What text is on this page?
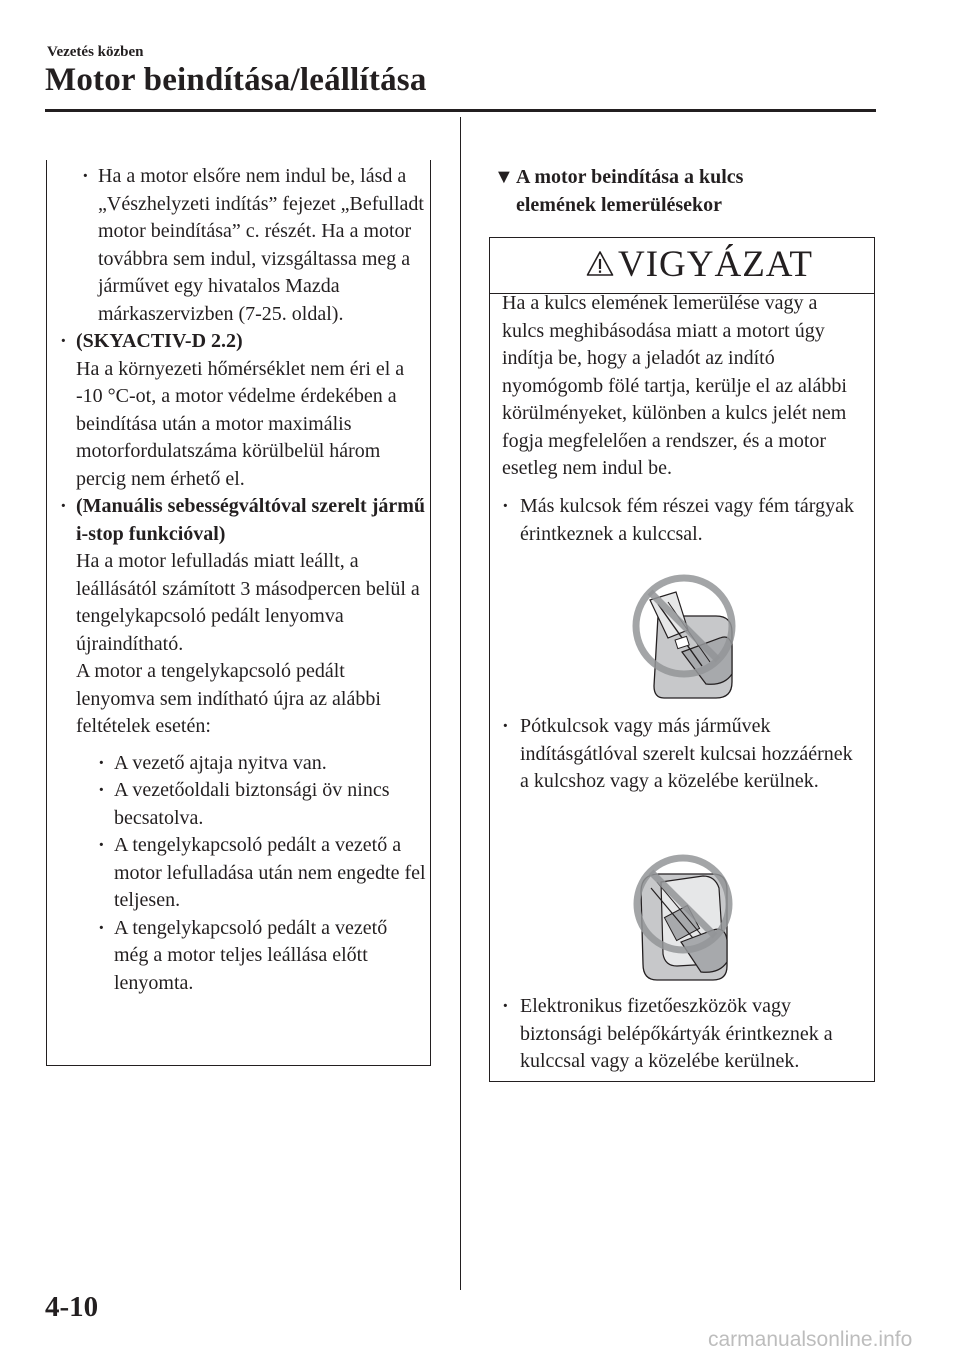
Vezetés közben
Motor beindítása/leállítása
· Ha a motor elsőre nem indul be, lásd a „Vészhelyzeti indítás” fejezet „Befulladt motor beindítása” c. részét. Ha a motor továbbra sem indul, vizsgáltassa meg a járművet egy hivatalos Mazda márkaszervizben (7-25. oldal).
· (SKYACTIV-D 2.2)
Ha a környezeti hőmérséklet nem éri el a -10 °C-ot, a motor védelme érdekében a beindítása után a motor maximális motorfordulatszáma körülbelül három percig nem érhető el.
· (Manuális sebességváltóval szerelt jármű i-stop funkcióval)
Ha a motor lefulladás miatt leállt, a leállásától számított 3 másodpercen belül a tengelykapcsoló pedált lenyomva újraindítható.
A motor a tengelykapcsoló pedált lenyomva sem indítható újra az alábbi feltételek esetén:
· A vezető ajtaja nyitva van.
· A vezetőoldali biztonsági öv nincs becsatolva.
· A tengelykapcsoló pedált a vezető a motor lefulladása után nem engedte fel teljesen.
· A tengelykapcsoló pedált a vezető még a motor teljes leállása előtt lenyomta.
▼ A motor beindítása a kulcs elemének lemerülésekor
VIGYÁZAT
Ha a kulcs elemének lemerülése vagy a kulcs meghibásodása miatt a motort úgy indítja be, hogy a jeladót az indító nyomógomb fölé tartja, kerülje el az alábbi körülményeket, különben a kulcs jelét nem fogja megfelelően a rendszer, és a motor esetleg nem indul be.
· Más kulcsok fém részei vagy fém tárgyak érintkeznek a kulccsal.
· Pótkulcsok vagy más járművek indításgátlóval szerelt kulcsai hozzáérnek a kulcshoz vagy a közelébe kerülnek.
· Elektronikus fizetőeszközök vagy biztonsági belépőkártyák érintkeznek a kulccsal vagy a közelébe kerülnek.
4-10
carmanualsonline.info
